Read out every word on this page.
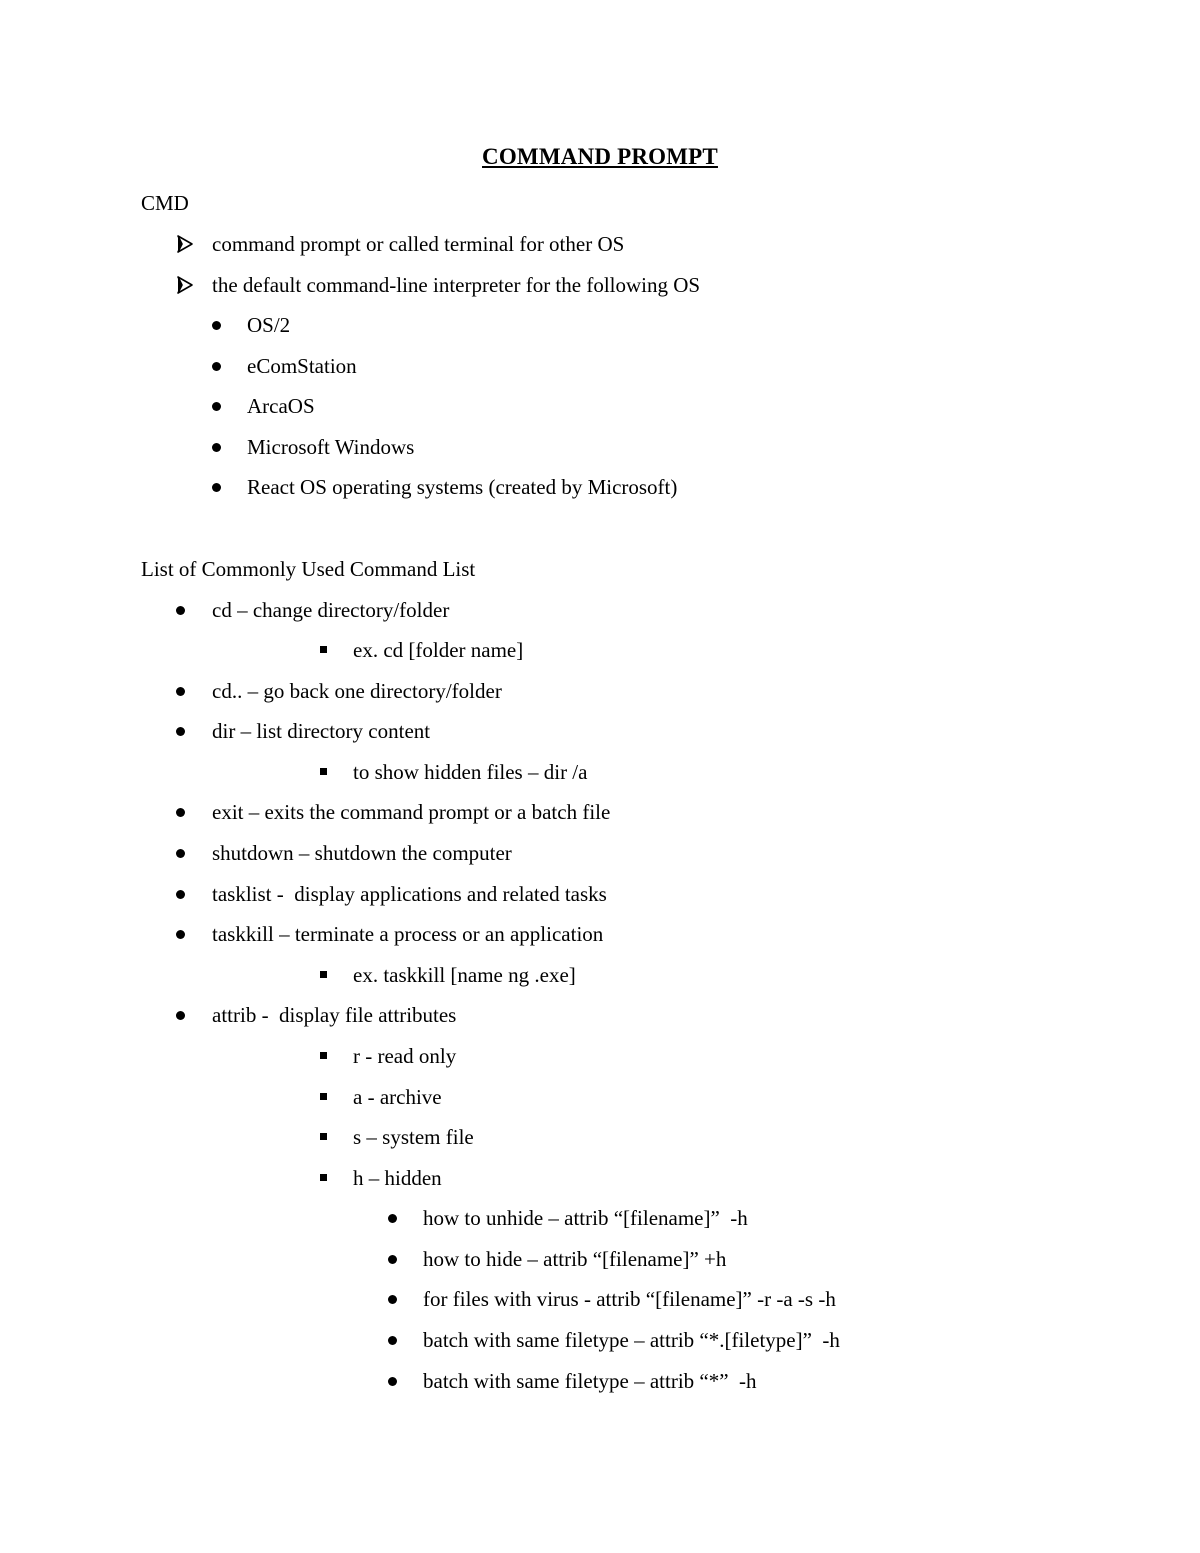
COMMAND PROMPT
CMD
command prompt or called terminal for other OS
the default command-line interpreter for the following OS
OS/2
eComStation
ArcaOS
Microsoft Windows
React OS operating systems (created by Microsoft)
List of Commonly Used Command List
cd – change directory/folder
ex. cd [folder name]
cd.. – go back one directory/folder
dir – list directory content
to show hidden files – dir /a
exit – exits the command prompt or a batch file
shutdown – shutdown the computer
tasklist -  display applications and related tasks
taskkill – terminate a process or an application
ex. taskkill [name ng .exe]
attrib -  display file attributes
r - read only
a - archive
s – system file
h – hidden
how to unhide – attrib “[filename]”  -h
how to hide – attrib “[filename]” +h
for files with virus - attrib “[filename]” -r -a -s -h
batch with same filetype – attrib “*.[filetype]”  -h
batch with same filetype – attrib “*”  -h
